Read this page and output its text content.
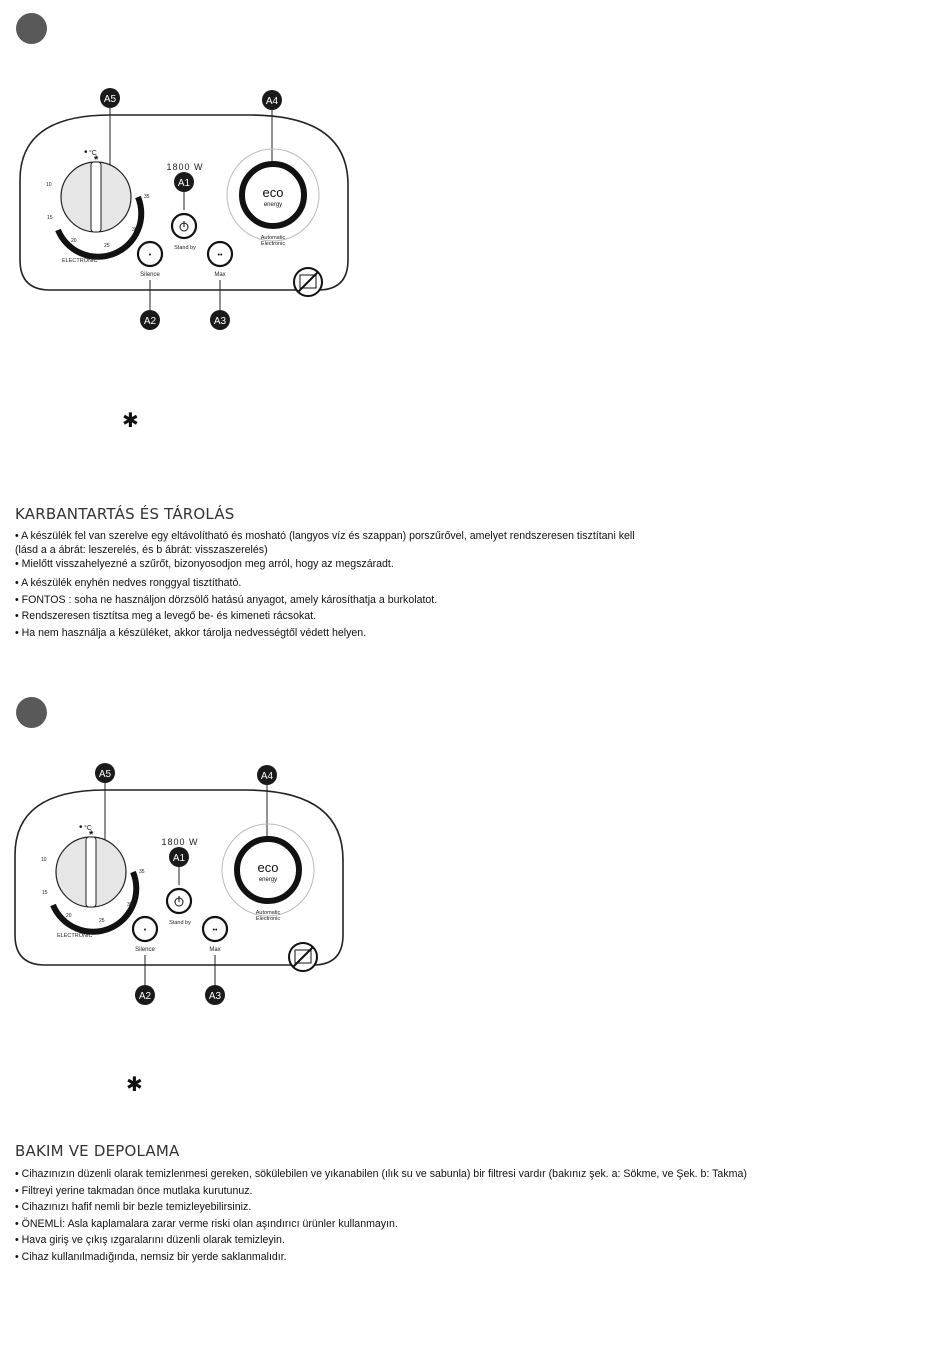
A5	A4
• °C
*
10
15
20
25
30
35
ELECTRONIC
1800 W
A1
Stand by
•
Silence
A2
••
Max
A3
eco
energy
Automatic
Electronic
✱
KARBANTARTÁS ÉS TÁROLÁS
• A készülék fel van szerelve egy eltávolítható és mosható (langyos víz és szappan) porszűrővel, amelyet rendszeresen tisztítani kell
(lásd a a ábrát: leszerelés, és b ábrát: visszaszerelés)
• Mielőtt visszahelyezné a szűrőt, bizonyosodjon meg arról, hogy az megszáradt.
• A készülék enyhén nedves ronggyal tisztítható.
• FONTOS : soha ne használjon dörzsölő hatású anyagot, amely károsíthatja a burkolatot.
• Rendszeresen tisztítsa meg a levegő be- és kimeneti rácsokat.
• Ha nem használja a készüléket, akkor tárolja nedvességtől védett helyen.
A5	A4
• °C
*
10
15
20
25
30
35
ELECTRONIC
1800 W
A1
Stand by
•
Silence
A2
••
Max
A3
eco
energy
Automatic
Electronic
✱
BAKIM VE DEPOLAMA
• Cihazınızın düzenli olarak temizlenmesi gereken, sökülebilen ve yıkanabilen (ılık su ve sabunla) bir filtresi vardır (bakınız şek. a: Sökme, ve Şek. b: Takma)
• Filtreyi yerine takmadan önce mutlaka kurutunuz.
• Cihazınızı hafif nemli bir bezle temizleyebilirsiniz.
• ÖNEMLİ: Asla kaplamalara zarar verme riski olan aşındırıcı ürünler kullanmayın.
• Hava giriş ve çıkış ızgaralarını düzenli olarak temizleyin.
• Cihaz kullanılmadığında, nemsiz bir yerde saklanmalıdır.
